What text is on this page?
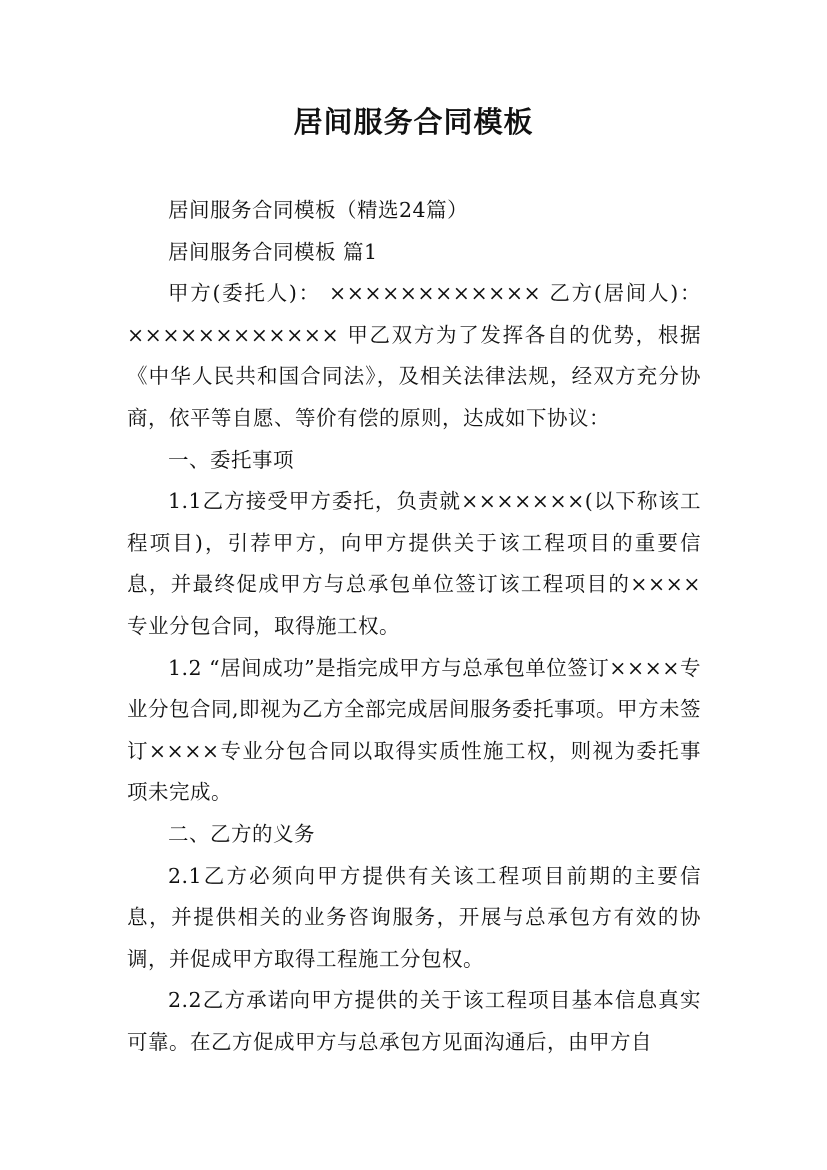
居间服务合同模板

居间服务合同模板（精选24篇）

居间服务合同模板 篇1

甲方(委托人)： ×××××××××××× 乙方(居间人)： ×××××××××××× 甲乙双方为了发挥各自的优势，根据《中华人民共和国合同法》，及相关法律法规，经双方充分协商，依平等自愿、等价有偿的原则，达成如下协议：

一、委托事项

1.1乙方接受甲方委托，负责就×××××××(以下称该工程项目)，引荐甲方，向甲方提供关于该工程项目的重要信息，并最终促成甲方与总承包单位签订该工程项目的××××专业分包合同，取得施工权。

1.2 “居间成功”是指完成甲方与总承包单位签订××××专业分包合同,即视为乙方全部完成居间服务委托事项。甲方未签订××××专业分包合同以取得实质性施工权，则视为委托事项未完成。

二、乙方的义务

2.1乙方必须向甲方提供有关该工程项目前期的主要信息，并提供相关的业务咨询服务，开展与总承包方有效的协调，并促成甲方取得工程施工分包权。

2.2乙方承诺向甲方提供的关于该工程项目基本信息真实可靠。在乙方促成甲方与总承包方见面沟通后，由甲方自
